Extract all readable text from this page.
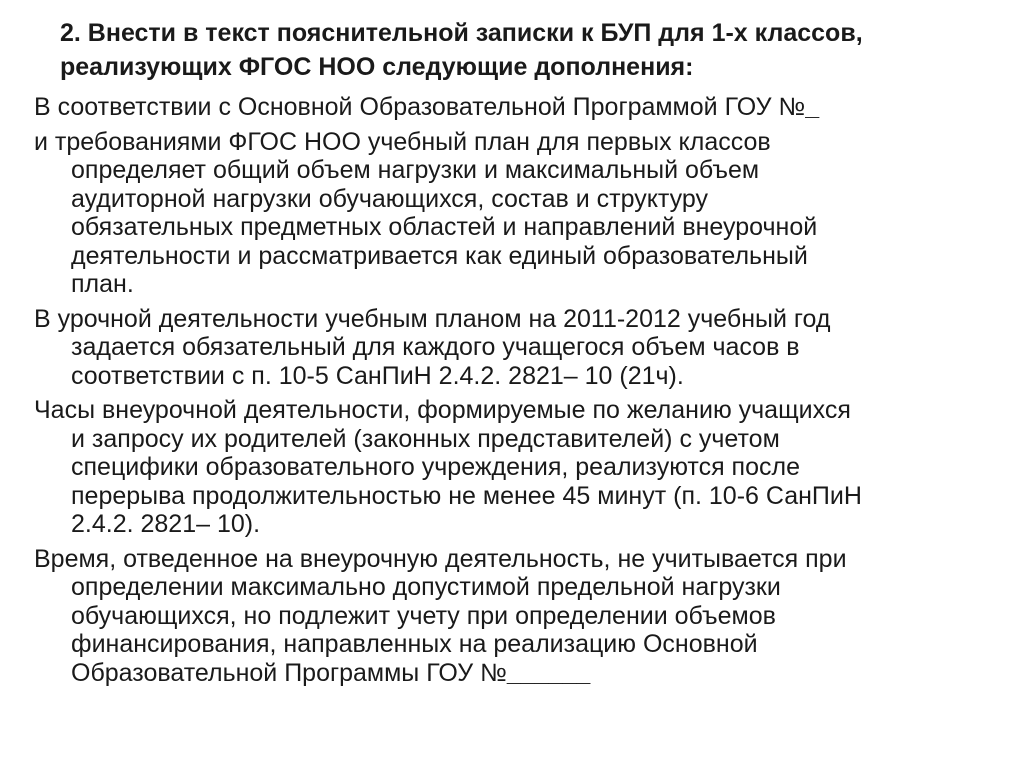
2. Внести в текст пояснительной записки к БУП для 1-х классов,
реализующих ФГОС НОО следующие дополнения:
В соответствии с Основной Образовательной Программой ГОУ №_
и требованиями ФГОС НОО учебный план для первых классов
определяет общий объем нагрузки и максимальный объем
аудиторной нагрузки обучающихся, состав и структуру
обязательных предметных областей и направлений внеурочной
деятельности и рассматривается как единый образовательный
план.
В урочной деятельности учебным планом на 2011-2012 учебный год
задается обязательный для каждого учащегося объем часов в
соответствии с п. 10-5 СанПиН 2.4.2. 2821– 10 (21ч).
Часы внеурочной деятельности, формируемые по желанию учащихся
и запросу их родителей (законных представителей) с учетом
специфики образовательного учреждения, реализуются после
перерыва продолжительностью не менее 45 минут (п. 10-6 СанПиН
2.4.2. 2821– 10).
Время, отведенное на внеурочную деятельность, не учитывается при
определении максимально допустимой предельной нагрузки
обучающихся, но подлежит учету при определении объемов
финансирования, направленных на реализацию Основной
Образовательной Программы ГОУ №______
